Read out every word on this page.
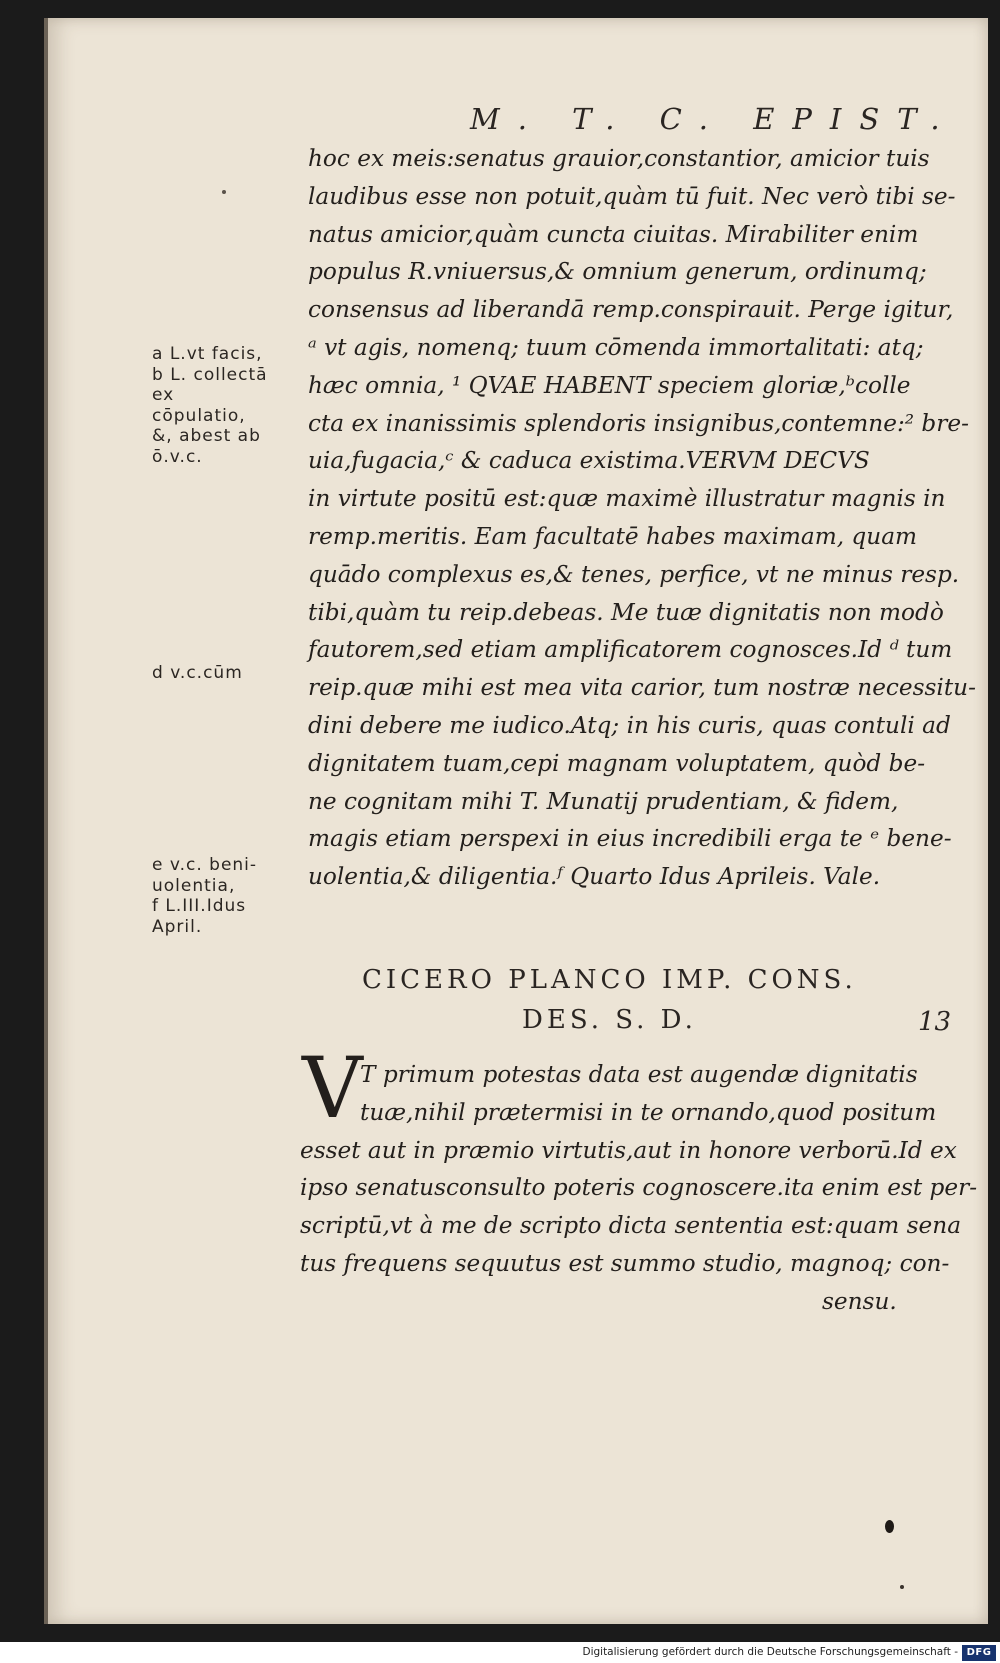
M. T. C. EPIST.
hoc ex meis:senatus grauior,constantior, amicior tuis
laudibus esse non potuit,quàm tū fuit. Nec verò tibi se-
natus amicior,quàm cuncta ciuitas. Mirabiliter enim
populus R.vniuersus,& omnium generum, ordinumq;
consensus ad liberandā remp.conspirauit. Perge igitur,
ᵃ vt agis, nomenq; tuum cōmenda immortalitati: atq;
hæc omnia, ¹ QVAE HABENT speciem gloriæ,ᵇcolle
cta ex inanissimis splendoris insignibus,contemne:² bre-
uia,fugacia,ᶜ & caduca existima.VERVM DECVS
in virtute positū est:quæ maximè illustratur magnis in
remp.meritis. Eam facultatē habes maximam, quam
quādo complexus es,& tenes, perfice, vt ne minus resp.
tibi,quàm tu reip.debeas. Me tuæ dignitatis non modò
fautorem,sed etiam amplificatorem cognosces.Id ᵈ tum
reip.quæ mihi est mea vita carior, tum nostræ necessitu-
dini debere me iudico.Atq; in his curis, quas contuli ad
dignitatem tuam,cepi magnam voluptatem, quòd be-
ne cognitam mihi T. Munatij prudentiam, & fidem,
magis etiam perspexi in eius incredibili erga te ᵉ bene-
uolentia,& diligentia.ᶠ Quarto Idus Aprileis. Vale.
a L.vt facis,
b L. collectā
ex
cōpulatio,
&, abest ab
ō.v.c.
d v.c.cūm
e v.c. beni-
uolentia,
f L.III.Idus
April.
CICERO PLANCO IMP. CONS.
DES. S. D.	13
V
T primum potestas data est augendæ dignitatis
tuæ,nihil prætermisi in te ornando,quod positum
esset aut in præmio virtutis,aut in honore verborū.Id ex
ipso senatusconsulto poteris cognoscere.ita enim est per-
scriptū,vt à me de scripto dicta sententia est:quam sena
tus frequens sequutus est summo studio, magnoq; con-
sensu.
Digitalisierung gefördert durch die Deutsche Forschungsgemeinschaft - DFG
